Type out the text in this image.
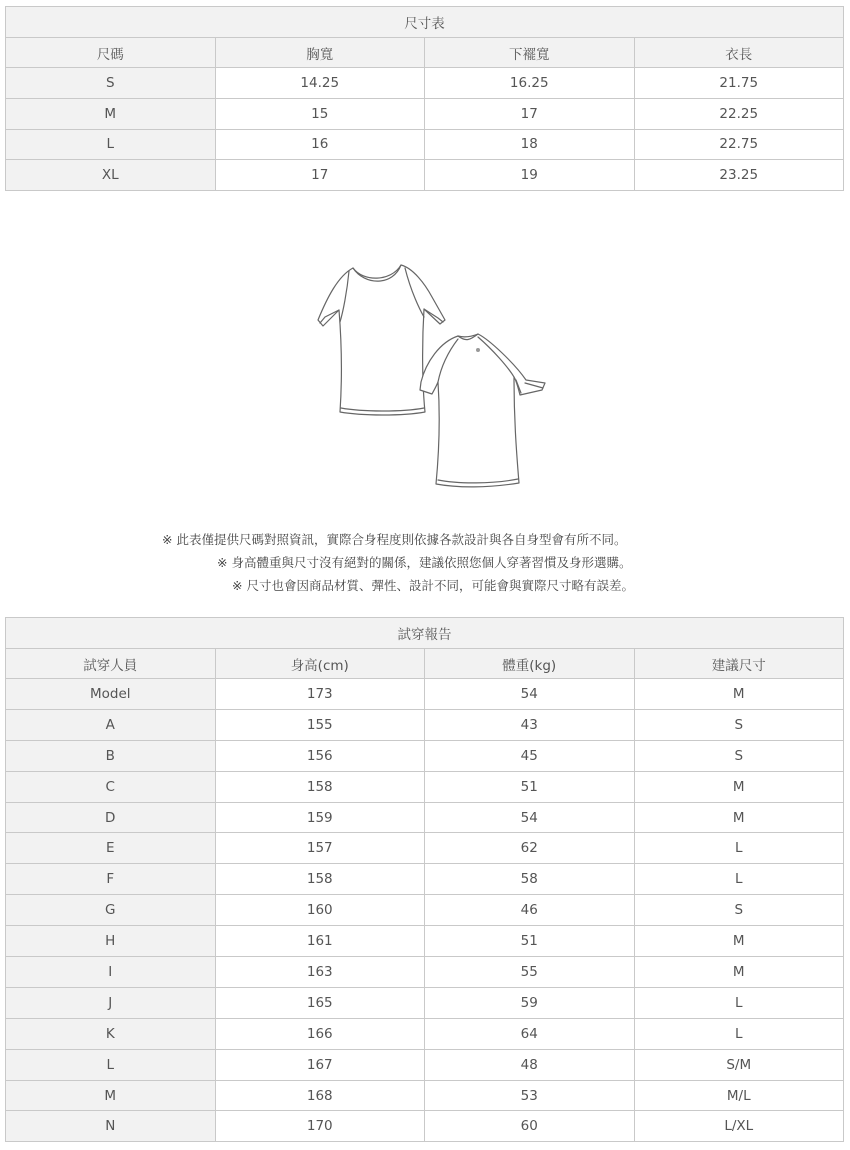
尺寸表			
尺碼	胸寬	下襬寬	衣長
S	14.25	16.25	21.75
M	15	17	22.25
L	16	18	22.75
XL	17	19	23.25
※ 此表僅提供尺碼對照資訊，實際合身程度則依據各款設計與各自身型會有所不同。
※ 身高體重與尺寸沒有絕對的關係，建議依照您個人穿著習慣及身形選購。
※ 尺寸也會因商品材質、彈性、設計不同，可能會與實際尺寸略有誤差。
試穿報告			
試穿人員	身高(cm)	體重(kg)	建議尺寸
Model	173	54	M
A	155	43	S
B	156	45	S
C	158	51	M
D	159	54	M
E	157	62	L
F	158	58	L
G	160	46	S
H	161	51	M
I	163	55	M
J	165	59	L
K	166	64	L
L	167	48	S/M
M	168	53	M/L
N	170	60	L/XL
